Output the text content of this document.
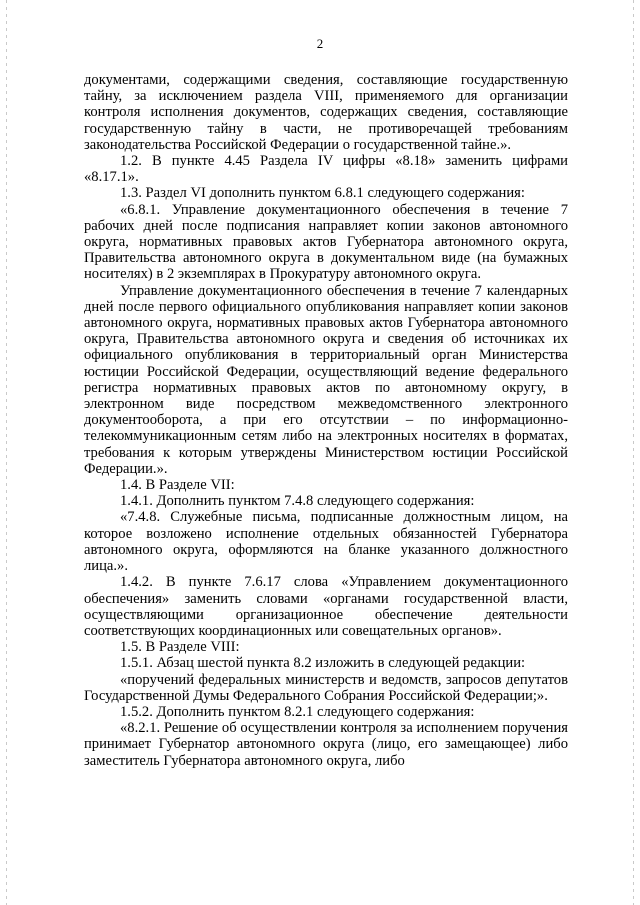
2

документами, содержащими сведения, составляющие государственную тайну, за исключением раздела VIII, применяемого для организации контроля исполнения документов, содержащих сведения, составляющие государственную тайну в части, не противоречащей требованиям законодательства Российской Федерации о государственной тайне.».

1.2. В пункте 4.45 Раздела IV цифры «8.18» заменить цифрами «8.17.1».

1.3. Раздел VI дополнить пунктом 6.8.1 следующего содержания:

«6.8.1. Управление документационного обеспечения в течение 7 рабочих дней после подписания направляет копии законов автономного округа, нормативных правовых актов Губернатора автономного округа, Правительства автономного округа в документальном виде (на бумажных носителях) в 2 экземплярах в Прокуратуру автономного округа.

Управление документационного обеспечения в течение 7 календарных дней после первого официального опубликования направляет копии законов автономного округа, нормативных правовых актов Губернатора автономного округа, Правительства автономного округа и сведения об источниках их официального опубликования в территориальный орган Министерства юстиции Российской Федерации, осуществляющий ведение федерального регистра нормативных правовых актов по автономному округу, в электронном виде посредством межведомственного электронного документооборота, а при его отсутствии – по информационно-телекоммуникационным сетям либо на электронных носителях в форматах, требования к которым утверждены Министерством юстиции Российской Федерации.».

1.4. В Разделе VII:

1.4.1. Дополнить пунктом 7.4.8 следующего содержания:

«7.4.8. Служебные письма, подписанные должностным лицом, на которое возложено исполнение отдельных обязанностей Губернатора автономного округа, оформляются на бланке указанного должностного лица.».

1.4.2. В пункте 7.6.17 слова «Управлением документационного обеспечения» заменить словами «органами государственной власти, осуществляющими организационное обеспечение деятельности соответствующих координационных или совещательных органов».

1.5. В Разделе VIII:

1.5.1. Абзац шестой пункта 8.2 изложить в следующей редакции:

«поручений федеральных министерств и ведомств, запросов депутатов Государственной Думы Федерального Собрания Российской Федерации;».

1.5.2. Дополнить пунктом 8.2.1 следующего содержания:

«8.2.1. Решение об осуществлении контроля за исполнением поручения принимает Губернатор автономного округа (лицо, его замещающее) либо заместитель Губернатора автономного округа, либо
